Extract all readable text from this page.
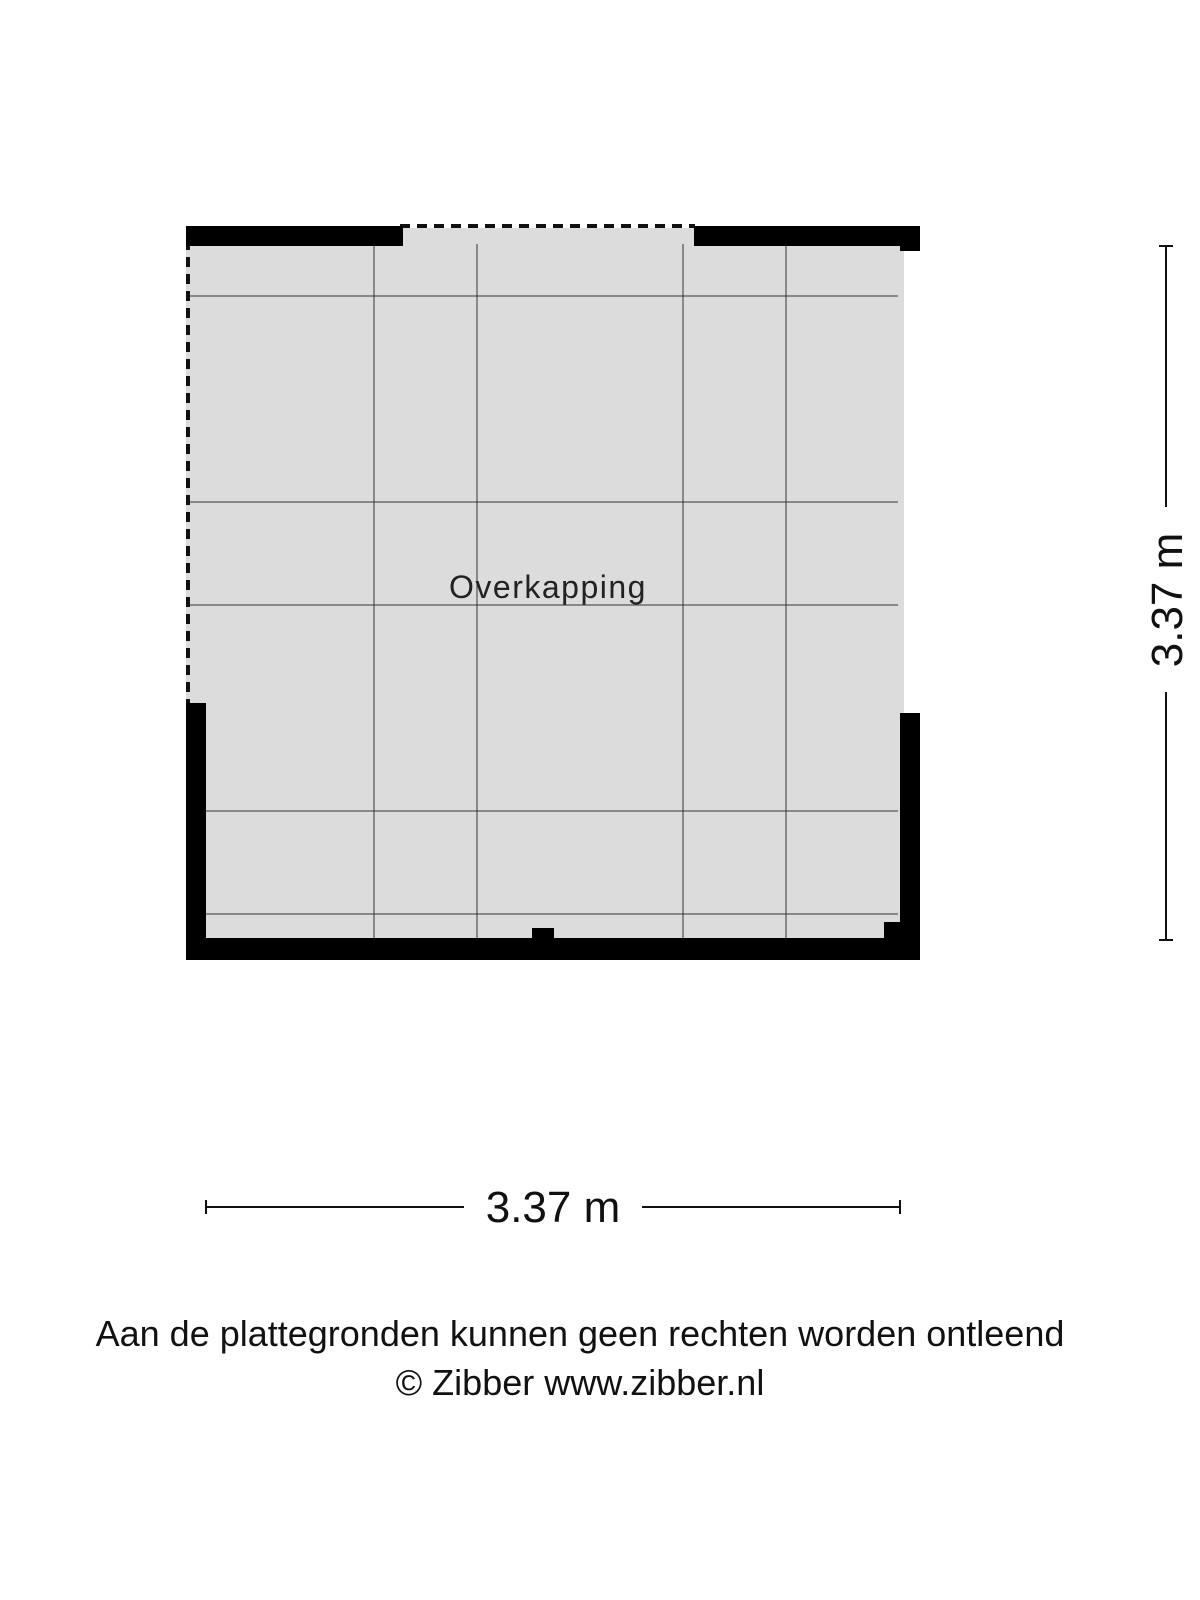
Overkapping
3.37 m
3.37 m
Aan de plattegronden kunnen geen rechten worden ontleend
© Zibber www.zibber.nl
